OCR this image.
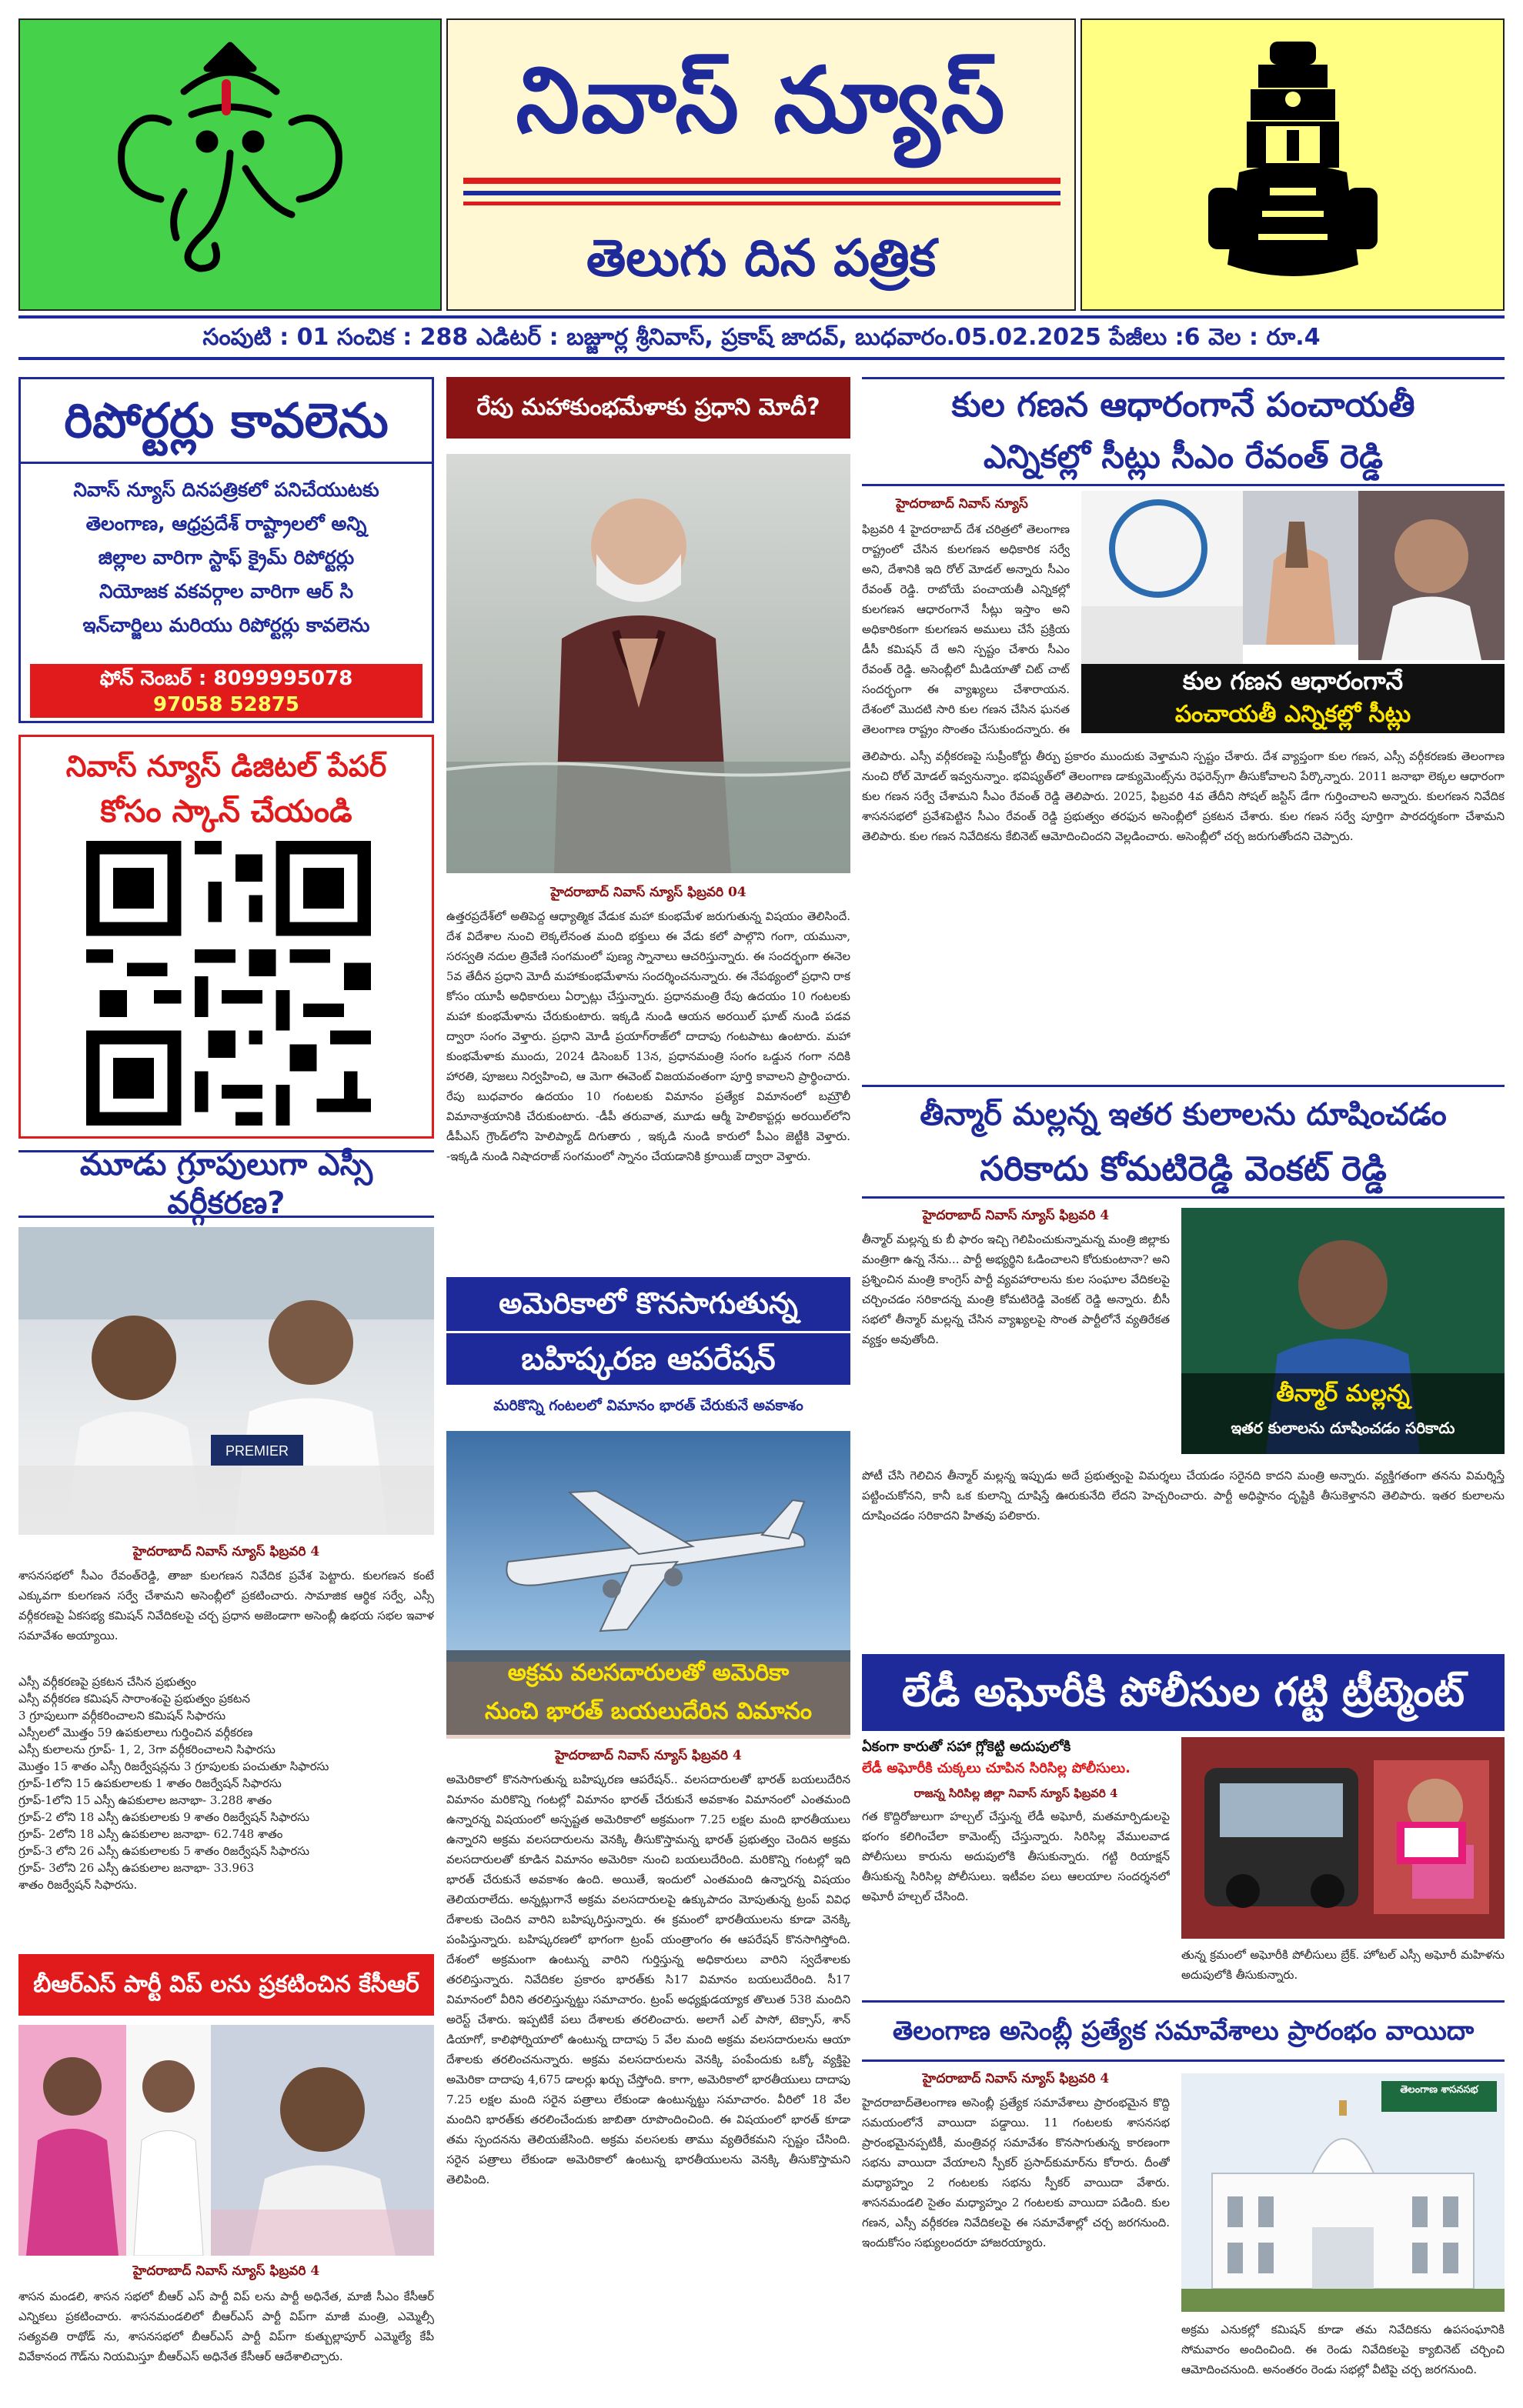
నివాస్ న్యూస్
తెలుగు దిన పత్రిక
సంపుటి : 01 సంచిక : 288 ఎడిటర్ : బజ్జూర్ల శ్రీనివాస్, ప్రకాష్ జాదవ్, బుధవారం.05.02.2025 పేజీలు :6 వెల : రూ.4
రిపోర్టర్లు కావలెను
నివాస్ న్యూస్ దినపత్రికలో పనిచేయుటకు
తెలంగాణ, ఆధ్రప్రదేశ్ రాష్ట్రాలలో అన్ని
జిల్లాల వారిగా స్టాఫ్ క్రైమ్ రిపోర్టర్లు
నియోజక వకవర్గాల వారిగా ఆర్ సి
ఇన్‌చార్జిలు మరియు రిపోర్టర్లు కావలెను
ఫోన్ నెంబర్ : 8099995078
97058 52875
నివాస్ న్యూస్ డిజిటల్ పేపర్
కోసం స్కాన్ చేయండి
మూడు గ్రూపులుగా ఎస్సీ వర్గీకరణ?
PREMIER
హైదరాబాద్ నివాస్ న్యూస్ ఫిబ్రవరి 4
శాసనసభలో సీఎం రేవంత్‌రెడ్డి, తాజా కులగణన నివేదిక ప్రవేశ పెట్టారు. కులగణన కంటే ఎక్కువగా కులగణన సర్వే చేశామని అసెంబ్లీలో ప్రకటించారు. సామాజిక ఆర్థిక సర్వే, ఎస్సీ వర్గీకరణపై ఏకసభ్య కమిషన్ నివేదికలపై చర్చ ప్రధాన అజెండాగా అసెంబ్లీ ఉభయ సభల ఇవాళ సమావేశం అయ్యాయి.
ఎస్సీ వర్గీకరణపై ప్రకటన చేసిన ప్రభుత్వం
ఎస్సీ వర్గీకరణ కమిషన్ సారాంశంపై ప్రభుత్వం ప్రకటన
3 గ్రూపులుగా వర్గీకరించాలని కమిషన్ సిఫారసు
ఎస్సీలలో మొత్తం 59 ఉపకులాలు గుర్తించిన వర్గీకరణ
ఎస్సీ కులాలను గ్రూప్- 1, 2, 3గా వర్గీకరించాలని సిఫారసు
మొత్తం 15 శాతం ఎస్సీ రిజర్వేషన్లను 3 గ్రూపులకు పంచుతూ సిఫారసు
గ్రూప్-1లోని 15 ఉపకులాలకు 1 శాతం రిజర్వేషన్ సిఫారసు
గ్రూప్-1లోని 15 ఎస్సీ ఉపకులాల జనాభా- 3.288 శాతం
గ్రూప్-2 లోని 18 ఎస్సీ ఉపకులాలకు 9 శాతం రిజర్వేషన్ సిఫారసు
గ్రూప్- 2లోని 18 ఎస్సీ ఉపకులాల జనాభా- 62.748 శాతం
గ్రూప్-3 లోని 26 ఎస్సీ ఉపకులాలకు 5 శాతం రిజర్వేషన్ సిఫారసు
గ్రూప్- 3లోని 26 ఎస్సీ ఉపకులాల జనాభా- 33.963
శాతం రిజర్వేషన్ సిఫారసు.
బీఆర్ఎస్ పార్టీ విప్ లను ప్రకటించిన కేసీఆర్
హైదరాబాద్ నివాస్ న్యూస్ ఫిబ్రవరి 4
శాసన మండలి, శాసన సభలో బీఆర్ ఎస్ పార్టీ విప్ లను పార్టీ అధినేత, మాజీ సీఎం కేసీఆర్ ఎన్నికలు ప్రకటించారు. శాసనమండలిలో బీఆర్ఎస్ పార్టీ విప్‌గా మాజీ మంత్రి, ఎమ్మెల్సీ సత్యవతి రాథోడ్ ను, శాసనసభలో బీఆర్ఎస్ పార్టీ విప్‌గా కుత్బుల్లాపూర్ ఎమ్మెల్యే కేపీ వివేకానంద గౌడ్‌ను నియమిస్తూ బీఆర్ఎస్ అధినేత కేసీఆర్ ఆదేశాలిచ్చారు.
రేపు మహాకుంభమేళాకు ప్రధాని మోదీ?
హైదరాబాద్ నివాస్ న్యూస్ ఫిబ్రవరి 04
ఉత్తరప్రదేశ్‌లో అతిపెద్ద ఆధ్యాత్మిక వేడుక మహా కుంభమేళ జరుగుతున్న విషయం తెలిసిందే. దేశ విదేశాల నుంచి లెక్కలేనంత మంది భక్తులు ఈ వేడు కలో పాల్గొని గంగా, యమునా, సరస్వతి నదుల త్రివేణి సంగమంలో పుణ్య స్నానాలు ఆచరిస్తున్నారు. ఈ సందర్భంగా ఈనెల 5వ తేదీన ప్రధాని మోదీ మహాకుంభమేళాను సందర్శించనున్నారు. ఈ నేపథ్యంలో ప్రధాని రాక కోసం యూపీ అధికారులు ఏర్పాట్లు చేస్తున్నారు. ప్రధానమంత్రి రేపు ఉదయం 10 గంటలకు మహా కుంభమేళాను చేరుకుంటారు. ఇక్కడి నుండి ఆయన అరయిల్ ఘాట్ నుండి పడవ ద్వారా సంగం వెళ్తారు. ప్రధాని మోడీ ప్రయాగ్‌రాజ్‌లో దాదాపు గంటపాటు ఉంటారు. మహా కుంభమేళాకు ముందు, 2024 డిసెంబర్ 13న, ప్రధానమంత్రి సంగం ఒడ్డున గంగా నదికి హారతి, పూజలు నిర్వహించి, ఆ మెగా ఈవెంట్ విజయవంతంగా పూర్తి కావాలని ప్రార్థించారు. రేపు బుధవారం ఉదయం 10 గంటలకు విమానం ప్రత్యేక విమానంలో బమ్రౌలీ విమానాశ్రయానికి చేరుకుంటారు. -డీపీ తరువాత, మూడు ఆర్మీ హెలికాప్టర్లు అరయిల్‌లోని డీపీఎస్ గ్రౌండ్‌లోని హెలిప్యాడ్ దిగుతారు , ఇక్కడి నుండి కారులో పీఎం జెట్టీకి వెళ్తారు. -ఇక్కడి నుండి నిషాదరాజ్ సంగమంలో స్నానం చేయడానికి క్రూయిజ్ ద్వారా వెళ్తారు.
అమెరికాలో కొనసాగుతున్న
బహిష్కరణ ఆపరేషన్
మరికొన్ని గంటలలో విమానం భారత్ చేరుకునే అవకాశం
అక్రమ వలసదారులతో అమెరికా
నుంచి భారత్ బయలుదేరిన విమానం
హైదరాబాద్ నివాస్ న్యూస్ ఫిబ్రవరి 4
అమెరికాలో కొనసాగుతున్న బహిష్కరణ ఆపరేషన్.. వలసదారులతో భారత్ బయలుదేరిన విమానం మరికొన్ని గంటల్లో విమానం భారత్ చేరుకునే అవకాశం విమానంలో ఎంతమంది ఉన్నారన్న విషయంలో అస్పష్టత అమెరికాలో అక్రమంగా 7.25 లక్షల మంది భారతీయులు ఉన్నారని అక్రమ వలసదారులను వెనక్కి తీసుకొస్తామన్న భారత్ ప్రభుత్వం చెందిన అక్రమ వలసదారులతో కూడిన విమానం అమెరికా నుంచి బయలుదేరింది. మరికొన్ని గంటల్లో ఇది భారత్ చేరుకునే అవకాశం ఉంది. అయితే, ఇందులో ఎంతమంది ఉన్నారన్న విషయం తెలియరాలేదు. అన్నట్లుగానే అక్రమ వలసదారులపై ఉక్కుపాదం మోపుతున్న ట్రంప్ వివిధ దేశాలకు చెందిన వారిని బహిష్కరిస్తున్నారు. ఈ క్రమంలో భారతీయులను కూడా వెనక్కి పంపిస్తున్నారు. బహిష్కరణలో భాగంగా ట్రంప్ యంత్రాంగం ఈ ఆపరేషన్ కొనసాగిస్తోంది. దేశంలో అక్రమంగా ఉంటున్న వారిని గుర్తిస్తున్న అధికారులు వారిని స్వదేశాలకు తరలిస్తున్నారు. నివేదికల ప్రకారం భారత్‌కు సి17 విమానం బయలుదేరింది. సీ17 విమానంలో వీరిని తరలిస్తున్నట్టు సమాచారం. ట్రంప్ అధ్యక్షుడయ్యాక తొలుత 538 మందిని అరెస్ట్ చేశారు. ఇప్పటికే పలు దేశాలకు తరలించారు. అలాగే ఎల్ పాసో, టెక్సాస్, శాన్ డియాగో, కాలిఫోర్నియాలో ఉంటున్న దాదాపు 5 వేల మంది అక్రమ వలసదారులను ఆయా దేశాలకు తరలించనున్నారు. అక్రమ వలసదారులను వెనక్కి పంపేందుకు ఒక్కో వ్యక్తిపై అమెరికా దాదాపు 4,675 డాలర్లు ఖర్చు చేస్తోంది. కాగా, అమెరికాలో భారతీయులు దాదాపు 7.25 లక్షల మంది సరైన పత్రాలు లేకుండా ఉంటున్నట్టు సమాచారం. వీరిలో 18 వేల మందిని భారత్‌కు తరలించేందుకు జాబితా రూపొందించింది. ఈ విషయంలో భారత్ కూడా తమ స్పందనను తెలియజేసింది. అక్రమ వలసలకు తాము వ్యతిరేకమని స్పష్టం చేసింది. సరైన పత్రాలు లేకుండా అమెరికాలో ఉంటున్న భారతీయులను వెనక్కి తీసుకొస్తామని తెలిపింది.
కుల గణన ఆధారంగానే పంచాయతీ
ఎన్నికల్లో సీట్లు సీఎం రేవంత్ రెడ్డి
హైదరాబాద్ నివాస్ న్యూస్
ఫిబ్రవరి 4 హైదరాబాద్ దేశ చరిత్రలో తెలంగాణ రాష్ట్రంలో చేసిన కులగణన అధికారిక సర్వే అని, దేశానికి ఇది రోల్ మోడల్ అన్నారు సీఎం రేవంత్ రెడ్డి. రాబోయే పంచాయతీ ఎన్నికల్లో కులగణన ఆధారంగానే సీట్లు ఇస్తాం అని అధికారికంగా కులగణన అములు చేసే ప్రక్రియ డీసీ కమిషన్ దే అని స్పష్టం చేశారు సీఎం రేవంత్ రెడ్డి. అసెంబ్లీలో మీడియాతో చిట్ చాట్ సందర్భంగా ఈ వ్యాఖ్యలు చేశారాయన. దేశంలో మొదటి సారి కుల గణన చేసిన ఘనత తెలంగాణ రాష్ట్రం సొంతం చేసుకుందన్నారు. ఈ
కుల గణన ఆధారంగానే
పంచాయతీ ఎన్నికల్లో సీట్లు
తెలిపారు. ఎస్సీ వర్గీకరణపై సుప్రీంకోర్టు తీర్పు ప్రకారం ముందుకు వెళ్తామని స్పష్టం చేశారు. దేశ వ్యాప్తంగా కుల గణన, ఎస్సీ వర్గీకరణకు తెలంగాణ నుంచి రోల్ మోడల్ ఇవ్వనున్నాం. భవిష్యత్‌లో తెలంగాణ డాక్యుమెంట్స్‌ను రెఫరెన్స్‌గా తీసుకోవాలని పేర్కొన్నారు. 2011 జనాభా లెక్కల ఆధారంగా కుల గణన సర్వే చేశామని సీఎం రేవంత్ రెడ్డి తెలిపారు. 2025, ఫిబ్రవరి 4వ తేదీని సోషల్ జస్టిస్ డేగా గుర్తించాలని అన్నారు. కులగణన నివేదిక శాసనసభలో ప్రవేశపెట్టిన సీఎం రేవంత్ రెడ్డి ప్రభుత్వం తరఫున అసెంబ్లీలో ప్రకటన చేశారు. కుల గణన సర్వే పూర్తిగా పారదర్శకంగా చేశామని తెలిపారు. కుల గణన నివేదికను కేబినెట్ ఆమోదించిందని వెల్లడించారు. అసెంబ్లీలో చర్చ జరుగుతోందని చెప్పారు.
తీన్మార్ మల్లన్న ఇతర కులాలను దూషించడం
సరికాదు కోమటిరెడ్డి వెంకట్ రెడ్డి
హైదరాబాద్ నివాస్ న్యూస్ ఫిబ్రవరి 4
తీన్మార్ మల్లన్న కు బీ ఫారం ఇచ్చి గెలిపించుకున్నామన్న మంత్రి జిల్లాకు మంత్రిగా ఉన్న నేను... పార్టీ అభ్యర్థిని ఓడించాలని కోరుకుంటానా? అని ప్రశ్నించిన మంత్రి కాంగ్రెస్ పార్టీ వ్యవహారాలను కుల సంఘాల వేదికలపై చర్చించడం సరికాదన్న మంత్రి కోమటిరెడ్డి వెంకట్ రెడ్డి అన్నారు. బీసీ సభలో తీన్మార్ మల్లన్న చేసిన వ్యాఖ్యలపై సొంత పార్టీలోనే వ్యతిరేకత వ్యక్తం అవుతోంది.
తీన్మార్ మల్లన్న
ఇతర కులాలను దూషించడం సరికాదు
పోటీ చేసి గెలిచిన తీన్మార్ మల్లన్న ఇప్పుడు అదే ప్రభుత్వంపై విమర్శలు చేయడం సరైనది కాదని మంత్రి అన్నారు. వ్యక్తిగతంగా తనను విమర్శిస్తే పట్టించుకోనని, కానీ ఒక కులాన్ని దూషిస్తే ఊరుకునేది లేదని హెచ్చరించారు. పార్టీ అధిష్ఠానం దృష్టికి తీసుకెళ్తానని తెలిపారు. ఇతర కులాలను దూషించడం సరికాదని హితవు పలికారు.
లేడీ అఘోరీకి పోలీసుల గట్టి ట్రీట్మెంట్
ఏకంగా కారుతో సహా గ్లోకెట్టి అదుపులోకి
లేడీ అఘోరీకి చుక్కలు చూపిన సిరిసిల్ల పోలీసులు.
రాజన్న సిరిసిల్ల జిల్లా నివాస్ న్యూస్ ఫిబ్రవరి 4
గత కొద్దిరోజులుగా హల్చల్ చేస్తున్న లేడీ అఘోరీ, మతమార్పిడులపై భంగం కలిగించేలా కామెంట్స్ చేస్తున్నారు. సిరిసిల్ల వేములవాడ పోలీసులు కారును అదుపులోకి తీసుకున్నారు. గట్టి రియాక్షన్ తీసుకున్న సిరిసిల్ల పోలీసులు. ఇటీవల పలు ఆలయాల సందర్శనలో అఘోరీ హల్చల్ చేసింది.
తున్న క్రమంలో అఘోరీకి పోలీసులు బ్రేక్. హోటల్ ఎస్సీ అఘోరీ మహిళను అదుపులోకి తీసుకున్నారు.
తెలంగాణ అసెంబ్లీ ప్రత్యేక సమావేశాలు ప్రారంభం వాయిదా
హైదరాబాద్ నివాస్ న్యూస్ ఫిబ్రవరి 4
హైదరాబాద్‌తెలంగాణ అసెంబ్లీ ప్రత్యేక సమావేశాలు ప్రారంభమైన కొద్ది సమయంలోనే వాయిదా పడ్డాయి. 11 గంటలకు శాసనసభ ప్రారంభమైనప్పటికీ, మంత్రివర్గ సమావేశం కొనసాగుతున్న కారణంగా సభను వాయిదా వేయాలని స్పీకర్ ప్రసాద్‌కుమార్‌ను కోరారు. దీంతో మధ్యాహ్నం 2 గంటలకు సభను స్పీకర్ వాయిదా వేశారు. శాసనమండలి సైతం మధ్యాహ్నం 2 గంటలకు వాయిదా పడింది. కుల గణన, ఎస్సీ వర్గీకరణ నివేదికలపై ఈ సమావేశాల్లో చర్చ జరగనుంది. ఇందుకోసం సభ్యులందరూ హాజరయ్యారు.
తెలంగాణ శాసనసభ
అక్రమ ఎనుకల్లో కమిషన్ కూడా తమ నివేదికను ఉపసంఘానికి సోమవారం అందించింది. ఈ రెండు నివేదికలపై క్యాబినెట్ చర్చించి ఆమోదించనుంది. అనంతరం రెండు సభల్లో వీటిపై చర్చ జరగనుంది.
